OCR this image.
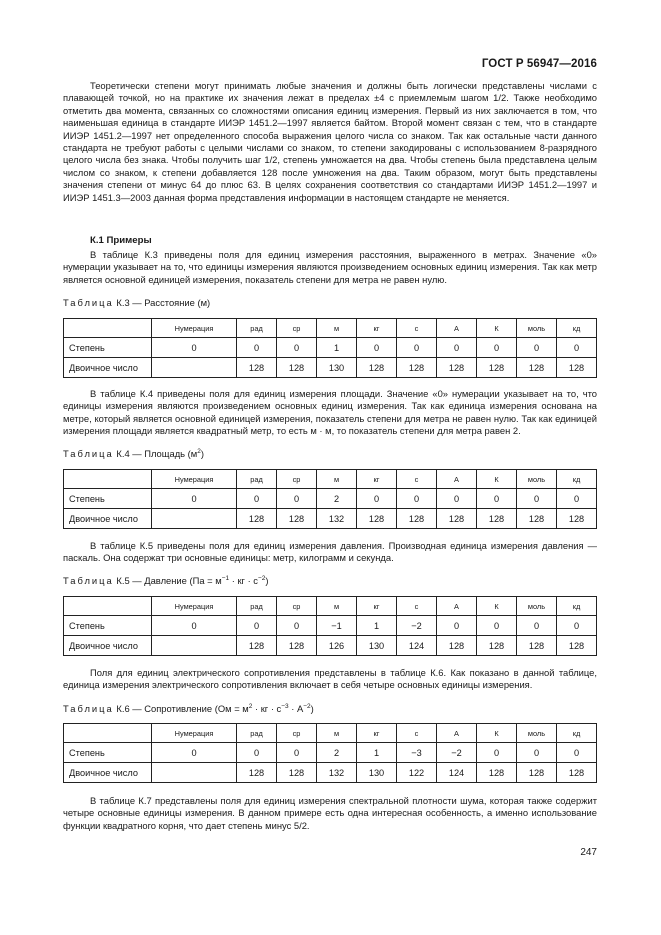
ГОСТ Р 56947—2016

Теоретически степени могут принимать любые значения и должны быть логически представлены числами с плавающей точкой, но на практике их значения лежат в пределах ±4 с приемлемым шагом 1/2. Также необходимо отметить два момента, связанных со сложностями описания единиц измерения. Первый из них заключается в том, что наименьшая единица в стандарте ИИЭР 1451.2—1997 является байтом. Второй момент связан с тем, что в стандарте ИИЭР 1451.2—1997 нет определенного способа выражения целого числа со знаком. Так как остальные части данного стандарта не требуют работы с целыми числами со знаком, то степени закодированы с использованием 8-разрядного целого числа без знака. Чтобы получить шаг 1/2, степень умножается на два. Чтобы степень была представлена целым числом со знаком, к степени добавляется 128 после умножения на два. Таким образом, могут быть представлены значения степени от минус 64 до плюс 63. В целях сохранения соответствия со стандартами ИИЭР 1451.2—1997 и ИИЭР 1451.3—2003 данная форма представления информации в настоящем стандарте не меняется.

К.1 Примеры

В таблице К.3 приведены поля для единиц измерения расстояния, выраженного в метрах. Значение «0» нумерации указывает на то, что единицы измерения являются произведением основных единиц измерения. Так как метр является основной единицей измерения, показатель степени для метра не равен нулю.

Таблица К.3 — Расстояние (м)

	Нумерация	рад	ср	м	кг	с	А	К	моль	кд
Степень	0	0	0	1	0	0	0	0	0	0
Двоичное число		128	128	130	128	128	128	128	128	128

В таблице К.4 приведены поля для единиц измерения площади. Значение «0» нумерации указывает на то, что единицы измерения являются произведением основных единиц измерения. Так как единица измерения основана на метре, который является основной единицей измерения, показатель степени для метра не равен нулю. Так как единицей измерения площади является квадратный метр, то есть м · м, то показатель степени для метра равен 2.

Таблица К.4 — Площадь $(м^2)$

	Нумерация	рад	ср	м	кг	с	А	К	моль	кд
Степень	0	0	0	2	0	0	0	0	0	0
Двоичное число		128	128	132	128	128	128	128	128	128

В таблице К.5 приведены поля для единиц измерения давления. Производная единица измерения давления — паскаль. Она содержат три основные единицы: метр, килограмм и секунда.

Таблица К.5 — Давление ($Па = м^{-1}$ · кг · $с^{-2}$)

	Нумерация	рад	ср	м	кг	с	А	К	моль	кд
Степень	0	0	0	−1	1	−2	0	0	0	0
Двоичное число		128	128	126	130	124	128	128	128	128

Поля для единиц электрического сопротивления представлены в таблице К.6. Как показано в данной таблице, единица измерения электрического сопротивления включает в себя четыре основных единицы измерения.

Таблица К.6 — Сопротивление ($Ом = м^2$ · кг · $с^{-3} \cdot А^{-2}$)

	Нумерация	рад	ср	м	кг	с	А	К	моль	кд
Степень	0	0	0	2	1	−3	−2	0	0	0
Двоичное число		128	128	132	130	122	124	128	128	128

В таблице К.7 представлены поля для единиц измерения спектральной плотности шума, которая также содержит четыре основные единицы измерения. В данном примере есть одна интересная особенность, а именно использование функции квадратного корня, что дает степень минус 5/2.

247
